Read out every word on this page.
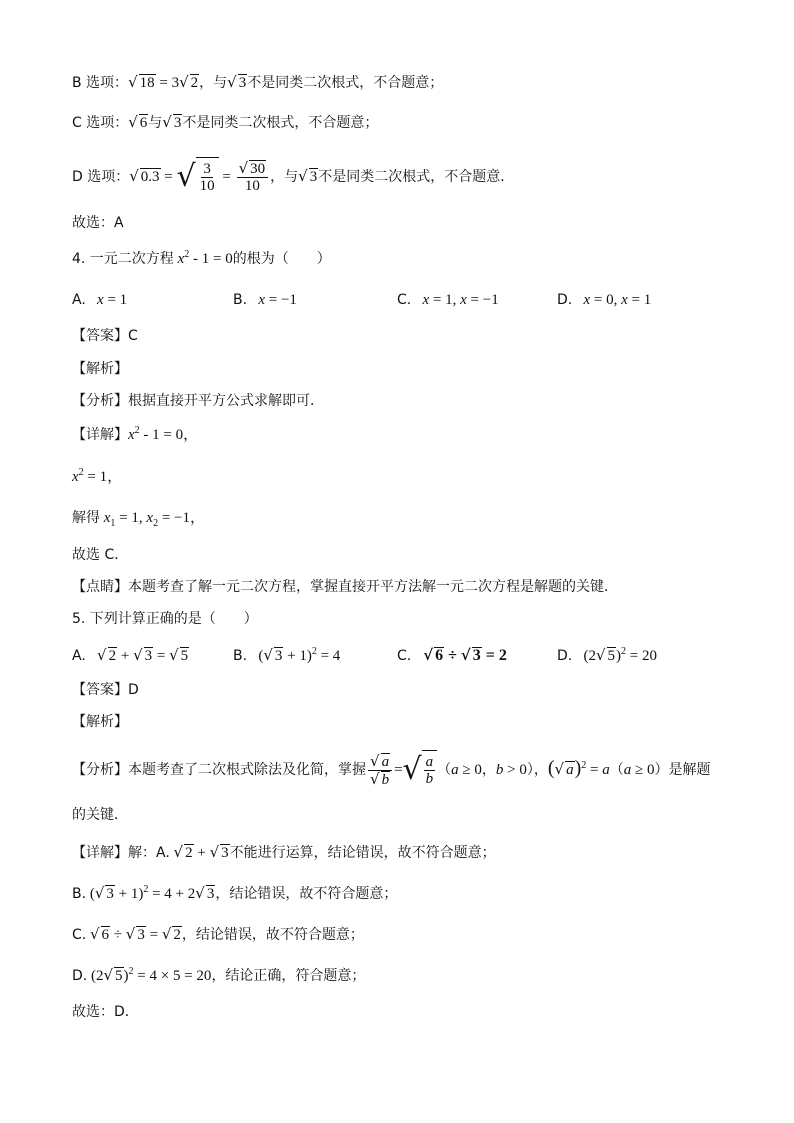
B 选项：√ 18 = 3√ 2，与√ 3不是同类二次根式，不合题意；
C 选项：√ 6与√ 3不是同类二次根式，不合题意；
D 选项：√ 0.3 = √ $\frac{3}{10} = \frac{√ 30}{10}$ ，与√ 3不是同类二次根式，不合题意．
故选：A
4. 一元二次方程 $x^2 - 1 = 0$的根为（　　）
A. x = 1	B. x = −1	C. x = 1, x = −1	D. x = 0, x = 1
【答案】C
【解析】
【分析】根据直接开平方公式求解即可．
【详解】$x^2 - 1 = 0$，
$x^2 = 1$，
解得 $x_1 = 1$, $x_2 = -1$，
故选 C．
【点睛】本题考查了解一元二次方程，掌握直接开平方法解一元二次方程是解题的关键．
5. 下列计算正确的是（　　）
A. √ 2 + √ 3 = √ 5	B.   (√ 3 + 1)$^2$ = 4	C. √ 6 ÷ √ 3 = 2	D.   (2√ 5)$^2$ = 20
【答案】D
【解析】
【分析】本题考查了二次根式除法及化简，掌握 $\frac{√ a}{√ b}$ = √ $\frac{a}{b} (a \ge 0$，b > 0），(√ a)$^2$ = a（a ≥ 0）是解题
的关键．
【详解】解：A. √ 2 + √ 3不能进行运算，结论错误，故不符合题意；
B. (√ 3 + 1)$^2$ = 4 + 2√ 3，结论错误，故不符合题意；
C. √ 6 ÷ √ 3 = √ 2，结论错误，故不符合题意；
D. (2√ 5)$^2$ = 4 × 5 = 20，结论正确，符合题意；
故选：D．
